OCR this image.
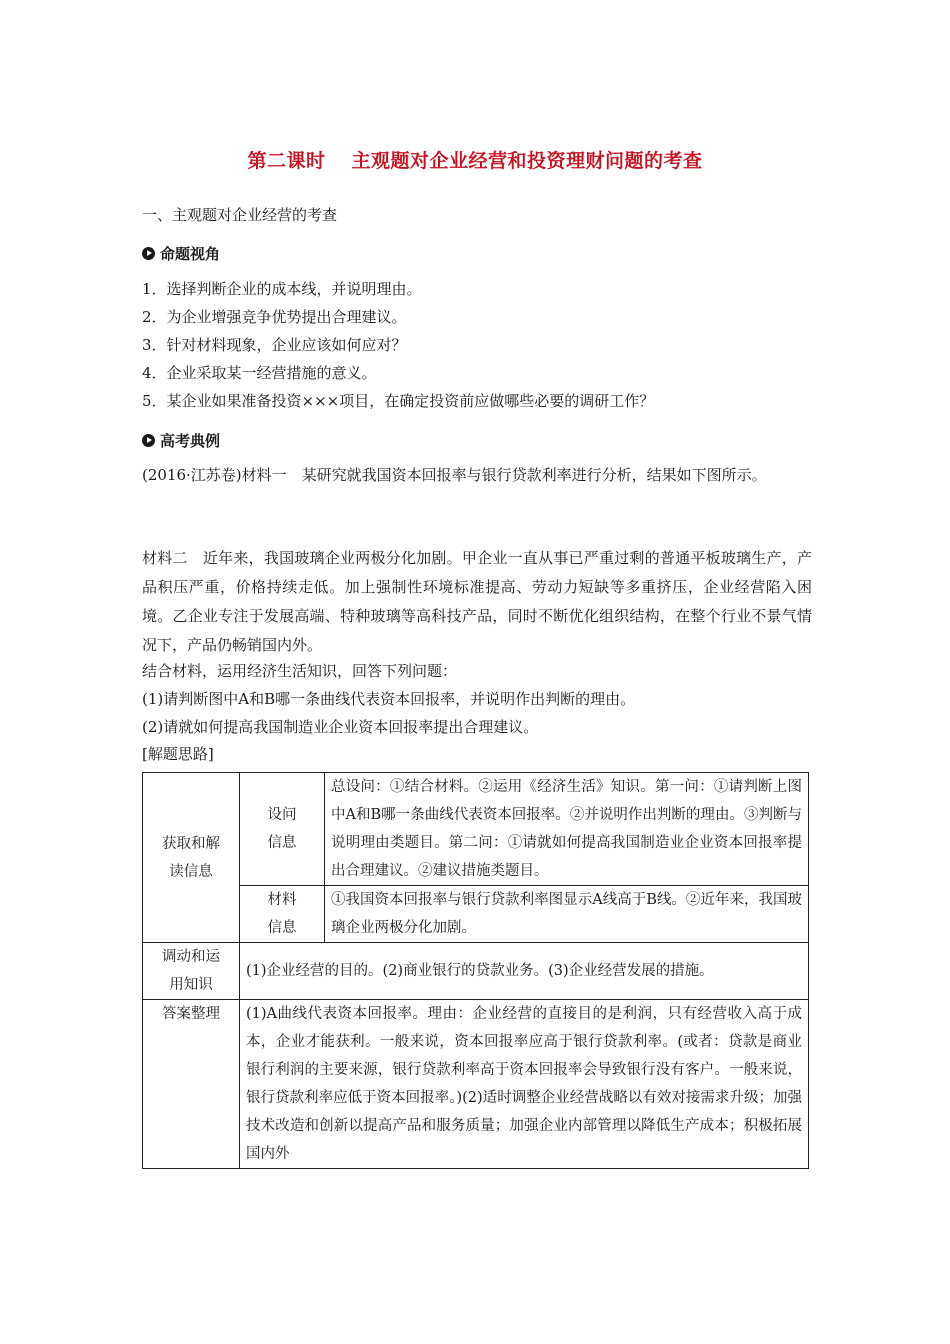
第二课时 主观题对企业经营和投资理财问题的考查
一、主观题对企业经营的考查
命题视角
1．选择判断企业的成本线，并说明理由。
2．为企业增强竞争优势提出合理建议。
3．针对材料现象，企业应该如何应对？
4．企业采取某一经营措施的意义。
5．某企业如果准备投资×××项目，在确定投资前应做哪些必要的调研工作？
高考典例
(2016·江苏卷)材料一　某研究就我国资本回报率与银行贷款利率进行分析，结果如下图所示。
材料二　近年来，我国玻璃企业两极分化加剧。甲企业一直从事已严重过剩的普通平板玻璃生产，产品积压严重，价格持续走低。加上强制性环境标准提高、劳动力短缺等多重挤压，企业经营陷入困境。乙企业专注于发展高端、特种玻璃等高科技产品，同时不断优化组织结构，在整个行业不景气情况下，产品仍畅销国内外。
结合材料，运用经济生活知识，回答下列问题：
(1)请判断图中A和B哪一条曲线代表资本回报率，并说明作出判断的理由。
(2)请就如何提高我国制造业企业资本回报率提出合理建议。
[解题思路]
获取和解读信息	设问信息	总设问：①结合材料。②运用《经济生活》知识。第一问：①请判断上图中A和B哪一条曲线代表资本回报率。②并说明作出判断的理由。③判断与说明理由类题目。第二问：①请就如何提高我国制造业企业资本回报率提出合理建议。②建议措施类题目。

	材料信息	①我国资本回报率与银行贷款利率图显示A线高于B线。②近年来，我国玻璃企业两极分化加剧。

调动和运用知识	(1)企业经营的目的。(2)商业银行的贷款业务。(3)企业经营发展的措施。	
答案整理	(1)A曲线代表资本回报率。理由：企业经营的直接目的是利润，只有经营收入高于成本，企业才能获利。一般来说，资本回报率应高于银行贷款利率。(或者：贷款是商业银行利润的主要来源，银行贷款利率高于资本回报率会导致银行没有客户。一般来说，银行贷款利率应低于资本回报率。)(2)适时调整企业经营战略以有效对接需求升级；加强技术改造和创新以提高产品和服务质量；加强企业内部管理以降低生产成本；积极拓展国内外	
